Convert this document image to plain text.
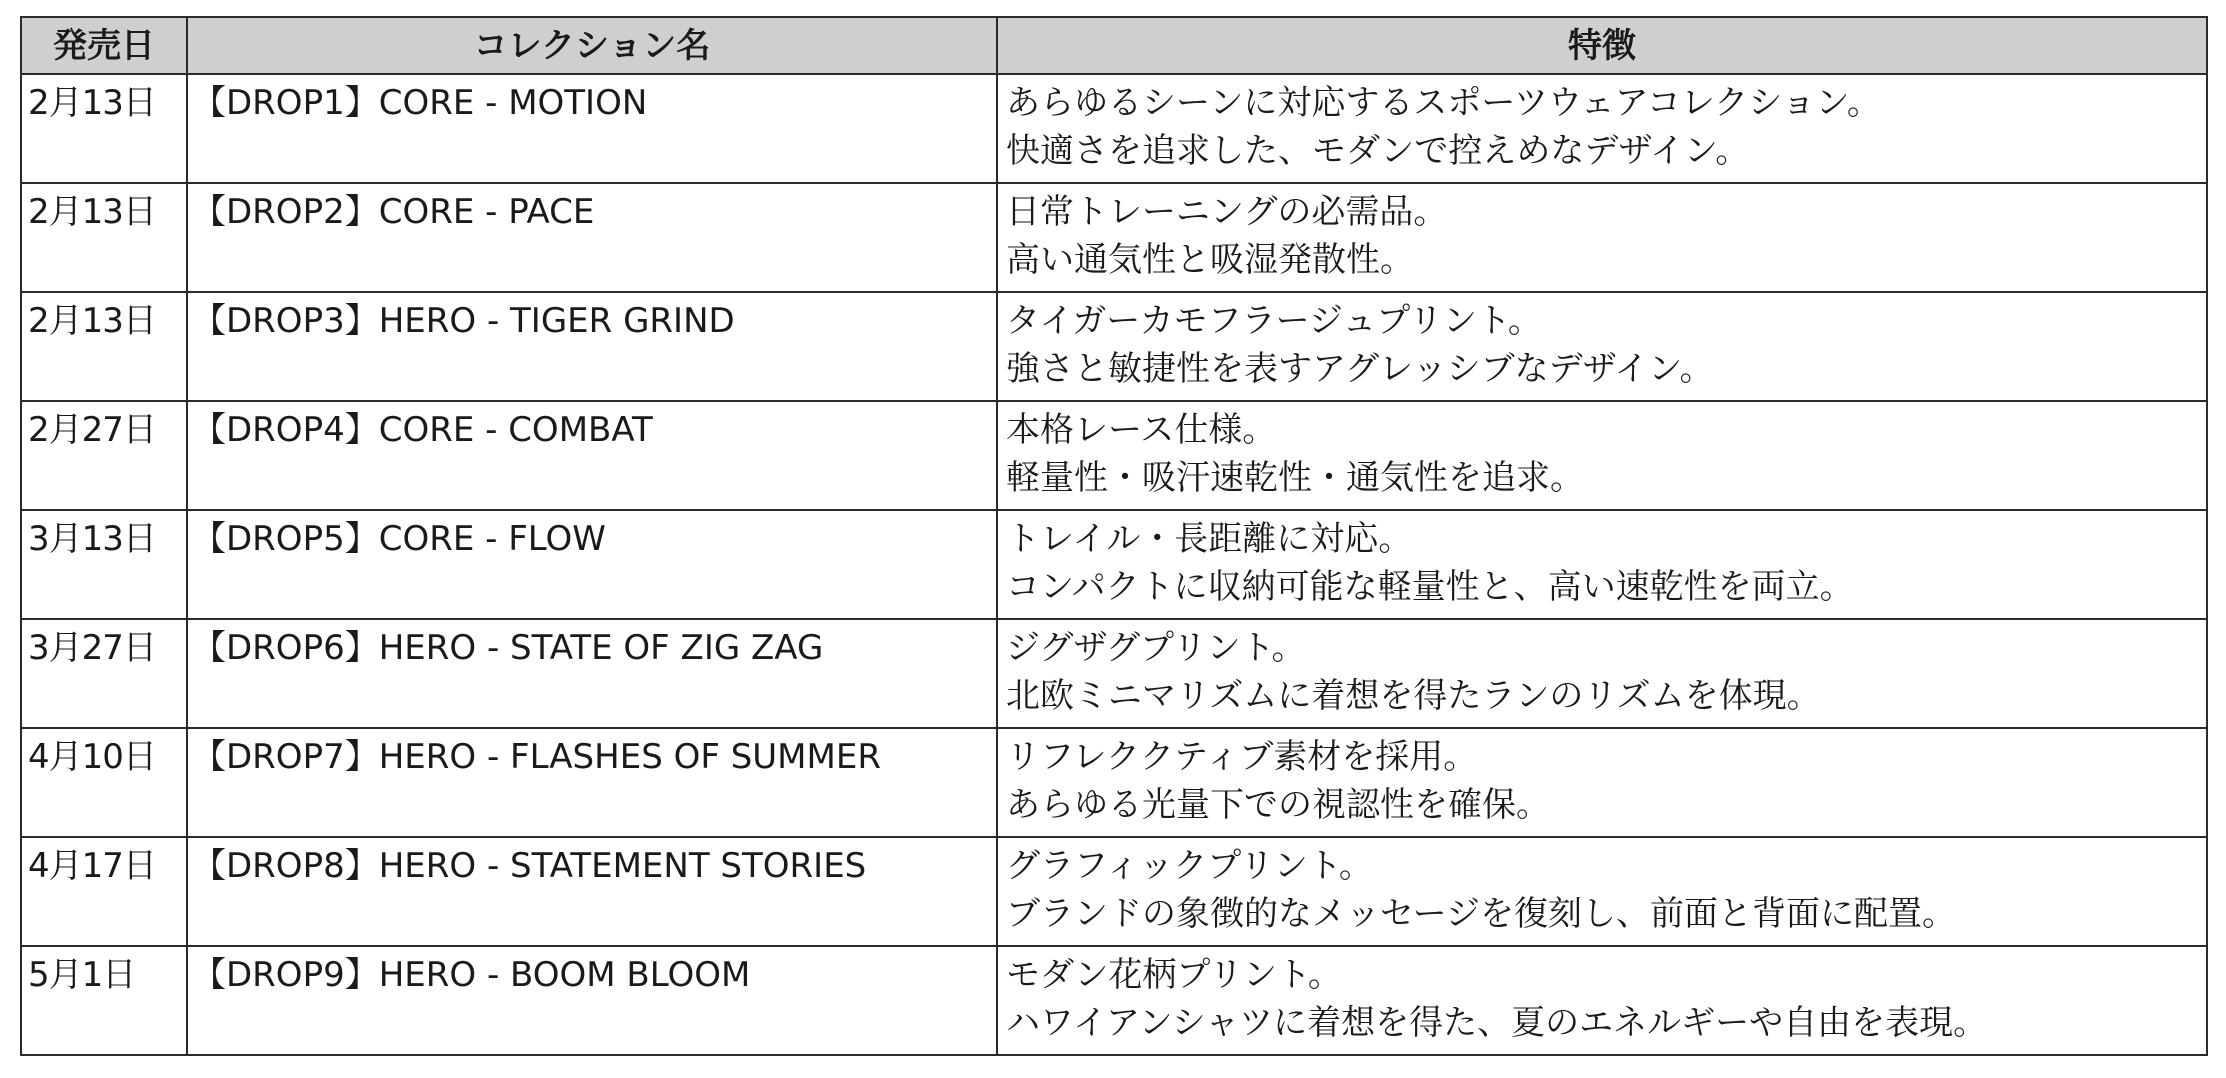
発売日	コレクション名	特徴
2月13日	【DROP1】CORE - MOTION	あらゆるシーンに対応するスポーツウェアコレクション。
快適さを追求した、モダンで控えめなデザイン。

2月13日	【DROP2】CORE - PACE	日常トレーニングの必需品。
高い通気性と吸湿発散性。

2月13日	【DROP3】HERO - TIGER GRIND	タイガーカモフラージュプリント。
強さと敏捷性を表すアグレッシブなデザイン。

2月27日	【DROP4】CORE - COMBAT	本格レース仕様。
軽量性・吸汗速乾性・通気性を追求。

3月13日	【DROP5】CORE - FLOW	トレイル・長距離に対応。
コンパクトに収納可能な軽量性と、高い速乾性を両立。

3月27日	【DROP6】HERO - STATE OF ZIG ZAG	ジグザグプリント。
北欧ミニマリズムに着想を得たランのリズムを体現。

4月10日	【DROP7】HERO - FLASHES OF SUMMER	リフレククティブ素材を採用。
あらゆる光量下での視認性を確保。

4月17日	【DROP8】HERO - STATEMENT STORIES	グラフィックプリント。
ブランドの象徴的なメッセージを復刻し、前面と背面に配置。

5月1日	【DROP9】HERO - BOOM BLOOM	モダン花柄プリント。
ハワイアンシャツに着想を得た、夏のエネルギーや自由を表現。
